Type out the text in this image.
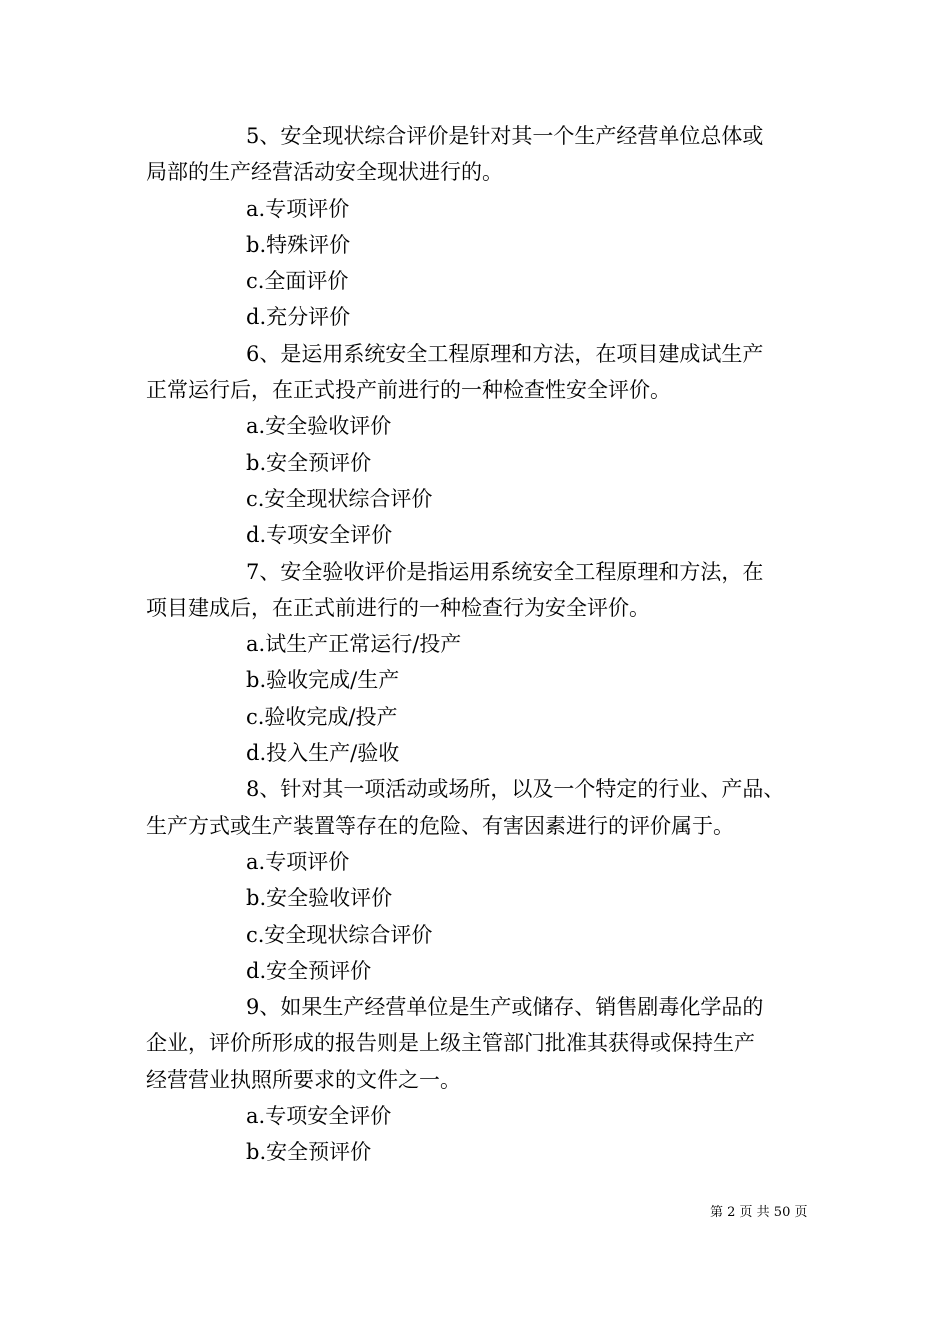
5、安全现状综合评价是针对其一个生产经营单位总体或
局部的生产经营活动安全现状进行的。
a.专项评价
b.特殊评价
c.全面评价
d.充分评价
6、是运用系统安全工程原理和方法，在项目建成试生产
正常运行后，在正式投产前进行的一种检查性安全评价。
a.安全验收评价
b.安全预评价
c.安全现状综合评价
d.专项安全评价
7、安全验收评价是指运用系统安全工程原理和方法，在
项目建成后，在正式前进行的一种检查行为安全评价。
a.试生产正常运行/投产
b.验收完成/生产
c.验收完成/投产
d.投入生产/验收
8、针对其一项活动或场所，以及一个特定的行业、产品、
生产方式或生产装置等存在的危险、有害因素进行的评价属于。
a.专项评价
b.安全验收评价
c.安全现状综合评价
d.安全预评价
9、如果生产经营单位是生产或储存、销售剧毒化学品的
企业，评价所形成的报告则是上级主管部门批准其获得或保持生产
经营营业执照所要求的文件之一。
a.专项安全评价
b.安全预评价
第 2 页 共 50 页
